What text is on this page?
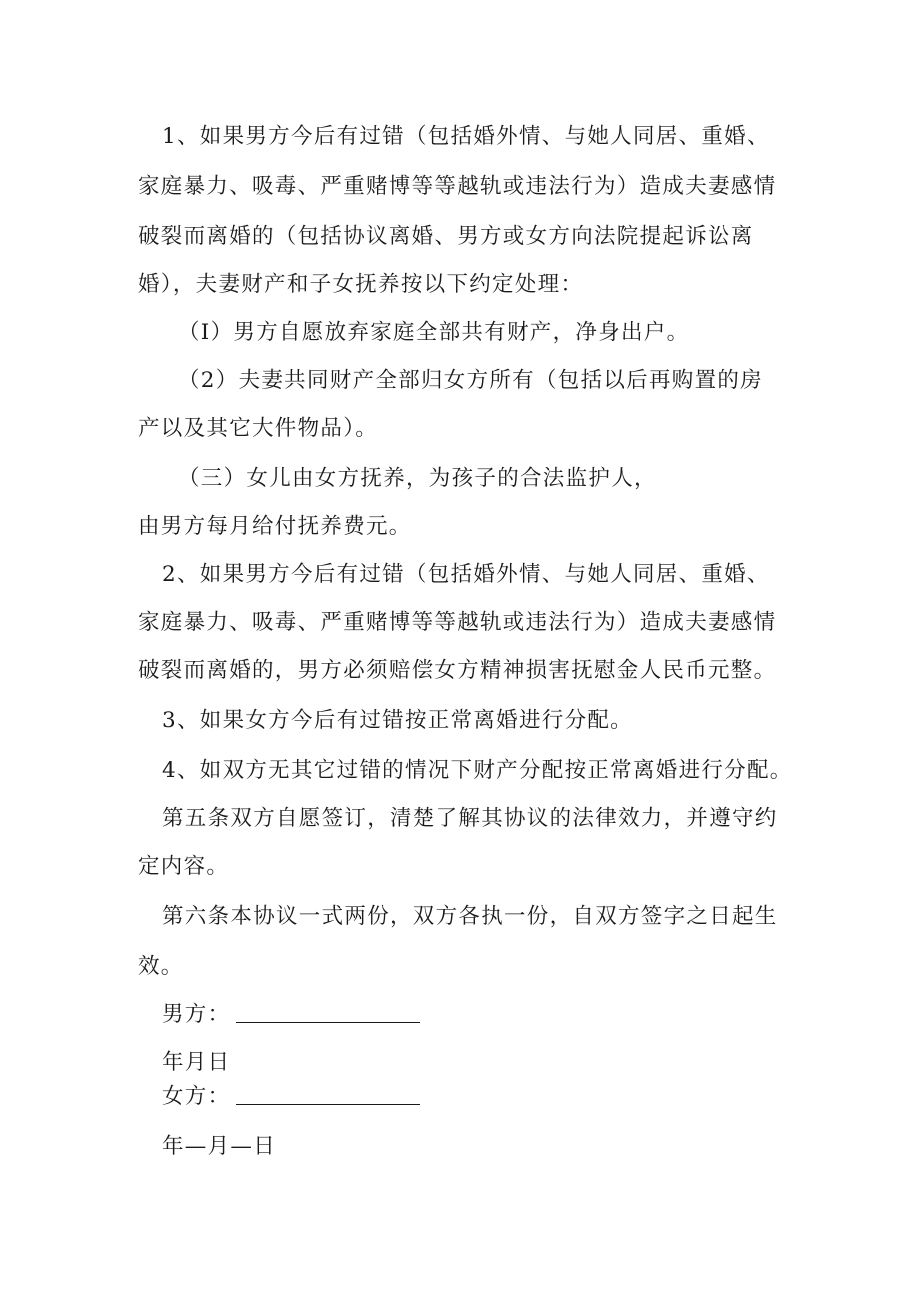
1、如果男方今后有过错（包括婚外情、与她人同居、重婚、
家庭暴力、吸毒、严重赌博等等越轨或违法行为）造成夫妻感情
破裂而离婚的（包括协议离婚、男方或女方向法院提起诉讼离
婚），夫妻财产和子女抚养按以下约定处理：
（I）男方自愿放弃家庭全部共有财产，净身出户。
（2）夫妻共同财产全部归女方所有（包括以后再购置的房
产以及其它大件物品）。
（三）女儿由女方抚养，为孩子的合法监护人，
由男方每月给付抚养费元。
2、如果男方今后有过错（包括婚外情、与她人同居、重婚、
家庭暴力、吸毒、严重赌博等等越轨或违法行为）造成夫妻感情
破裂而离婚的，男方必须赔偿女方精神损害抚慰金人民币元整。
3、如果女方今后有过错按正常离婚进行分配。
4、如双方无其它过错的情况下财产分配按正常离婚进行分配。
第五条双方自愿签订，清楚了解其协议的法律效力，并遵守约
定内容。
第六条本协议一式两份，双方各执一份，自双方签字之日起生
效。
男方：
年月日
女方：
年—月—日
